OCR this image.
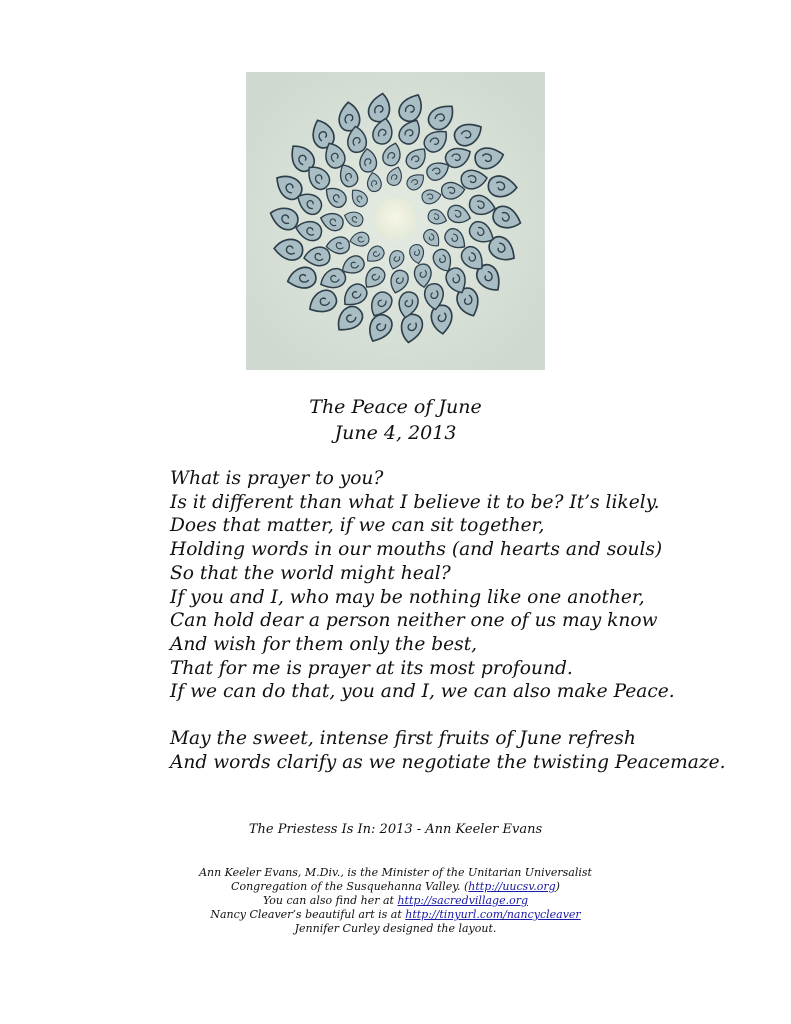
The Peace of June
June 4, 2013
What is prayer to you?
Is it different than what I believe it to be? It’s likely.
Does that matter, if we can sit together,
Holding words in our mouths (and hearts and souls)
So that the world might heal?
If you and I, who may be nothing like one another,
Can hold dear a person neither one of us may know
And wish for them only the best,
That for me is prayer at its most profound.
If we can do that, you and I, we can also make Peace.
May the sweet, intense first fruits of June refresh
And words clarify as we negotiate the twisting Peacemaze.
The Priestess Is In: 2013 - Ann Keeler Evans
Ann Keeler Evans, M.Div., is the Minister of the Unitarian Universalist
Congregation of the Susquehanna Valley. (http://uucsv.org)
You can also find her at http://sacredvillage.org
Nancy Cleaver’s beautiful art is at http://tinyurl.com/nancycleaver
Jennifer Curley designed the layout.
